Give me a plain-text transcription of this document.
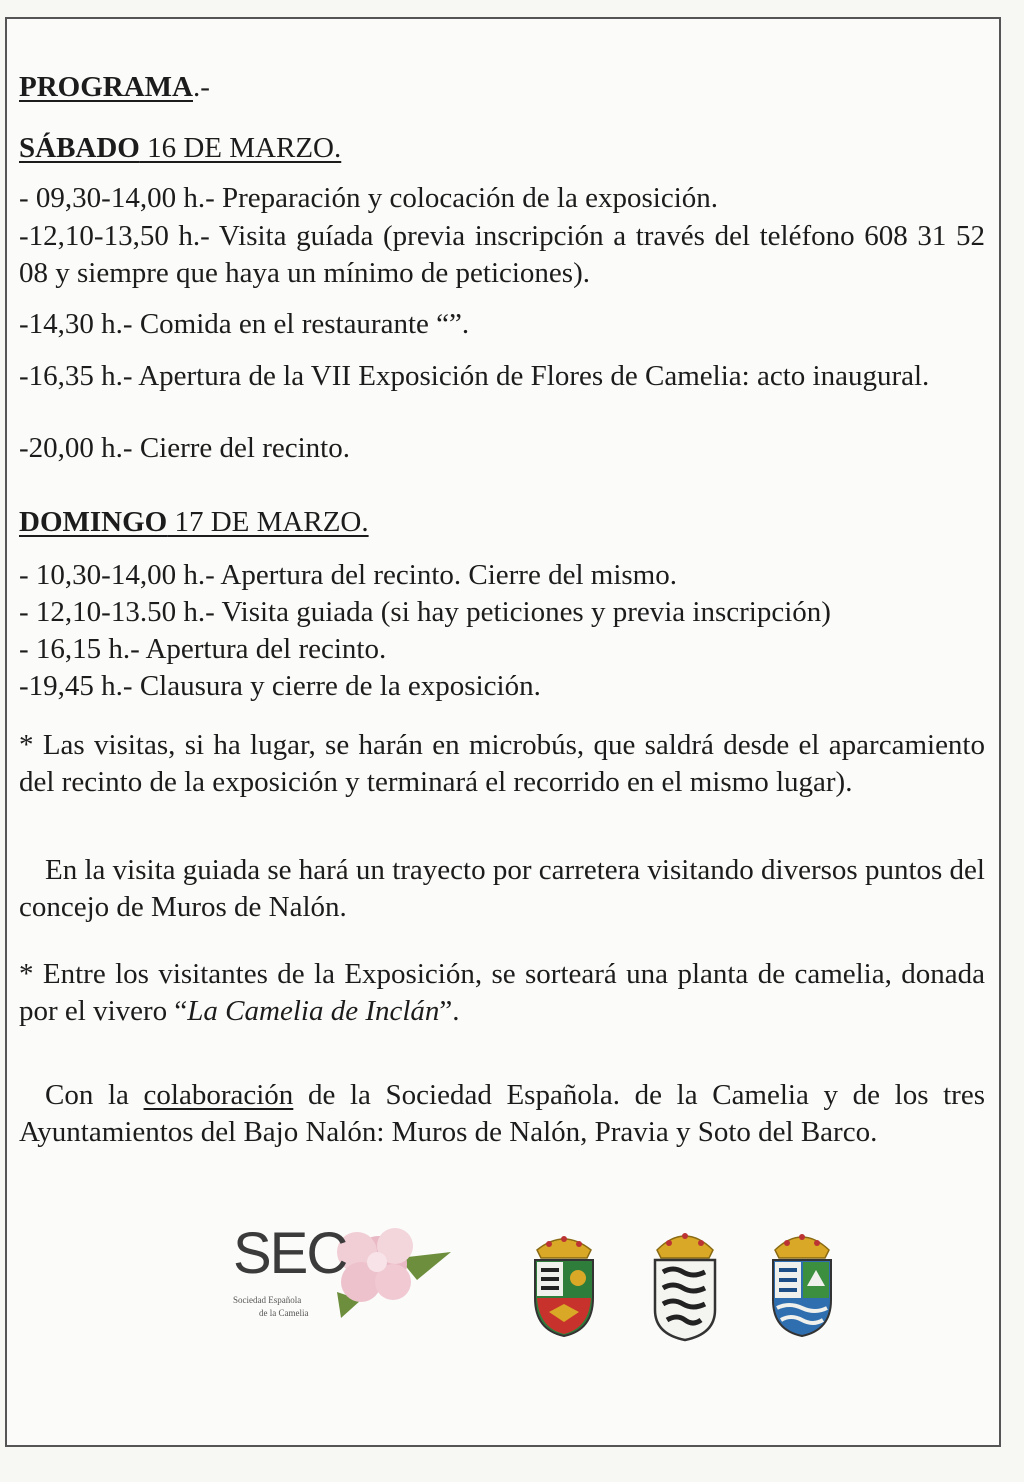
PROGRAMA.-

SÁBADO 16 DE MARZO.

- 09,30-14,00 h.- Preparación y colocación de la exposición.

-12,10-13,50 h.- Visita guíada (previa inscripción a través del teléfono 608 31 52 08 y siempre que haya un mínimo de peticiones).

-14,30 h.- Comida en el restaurante “”.

-16,35 h.- Apertura de la VII Exposición de Flores de Camelia: acto inaugural.

-20,00 h.- Cierre del recinto.

DOMINGO 17 DE MARZO.

- 10,30-14,00 h.- Apertura del recinto. Cierre del mismo.

- 12,10-13.50 h.- Visita guiada (si hay peticiones y previa inscripción)

- 16,15 h.- Apertura del recinto.

-19,45 h.- Clausura y cierre de la exposición.

* Las visitas, si ha lugar, se harán en microbús, que saldrá desde el aparcamiento del recinto de la exposición y terminará el recorrido en el mismo lugar).

En la visita guiada se hará un trayecto por carretera visitando diversos puntos del concejo de Muros de Nalón.

* Entre los visitantes de la Exposición, se sorteará una planta de camelia, donada por el vivero “La Camelia de Inclán”.

Con la colaboración de la Sociedad Española. de la Camelia y de los tres Ayuntamientos del Bajo Nalón: Muros de Nalón, Pravia y Soto del Barco.

SEC
Sociedad Española
de la Camelia
